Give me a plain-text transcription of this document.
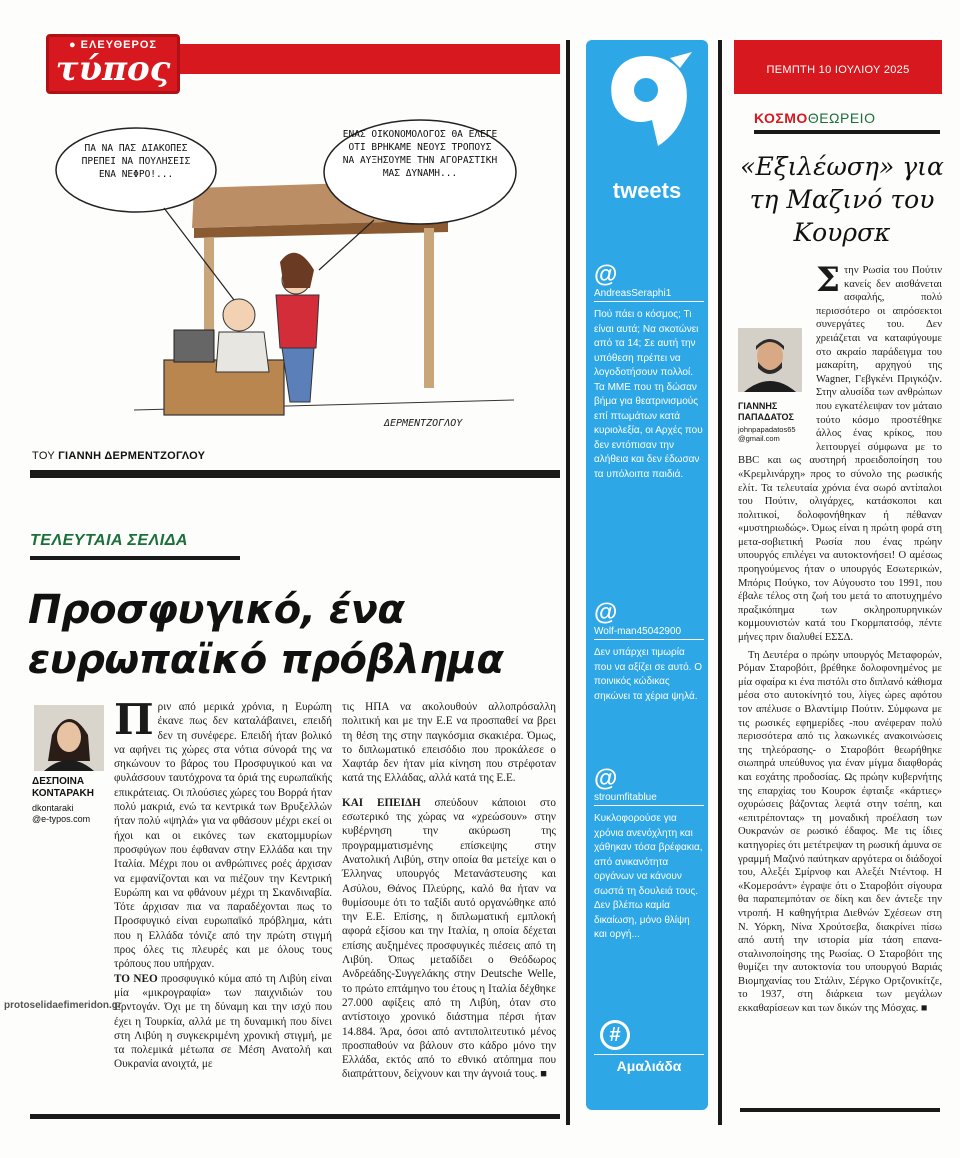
● ΕΛΕΥΘΕΡΟΣ
τύπος	ΠΕΜΠΤΗ 10 ΙΟΥΛΙΟΥ 2025
ΠΑ ΝΑ ΠΑΣ ΔΙΑΚΟΠΕΣ ΠΡΕΠΕΙ ΝΑ ΠΟΥΛΗΣΕΙΣ ΕΝΑ ΝΕΦΡΟ!...
ΕΝΑΣ ΟΙΚΟΝΟΜΟΛΟΓΟΣ ΘΑ ΕΛΕΓΕ ΟΤΙ ΒΡΗΚΑΜΕ ΝΕΟΥΣ ΤΡΟΠΟΥΣ ΝΑ ΑΥΞΗΣΟΥΜΕ ΤΗΝ ΑΓΟΡΑΣΤΙΚΗ ΜΑΣ ΔΥΝΑΜΗ...
ΔΕΡΜΕΝΤΖΟΓΛΟΥ
ΤΟΥ ΓΙΑΝΝΗ ΔΕΡΜΕΝΤΖΟΓΛΟΥ
ΤΕΛΕΥΤΑΙΑ ΣΕΛΙΔΑ
Προσφυγικό, ένα ευρωπαϊκό πρόβλημα
ΔΕΣΠΟΙΝΑ
ΚΟΝΤΑΡΑΚΗ
dkontaraki
@e-typos.com

Πριν από μερικά χρόνια, η Ευρώπη έκανε πως δεν καταλάβαινει, επειδή δεν τη συνέφερε. Επειδή ήταν βολικό να αφήνει τις χώρες στα νότια σύνορά της να σηκώνουν το βάρος του Προσφυγικού και να φυλάσσουν ταυτόχρονα τα όριά της ευρωπαϊκής επικράτειας. Οι πλούσιες χώρες του Βορρά ήταν πολύ μακριά, ενώ τα κεντρικά των Βρυξελλών ήταν πολύ «ψηλά» για να φθάσουν μέχρι εκεί οι ήχοι και οι εικόνες των εκατομμυρίων προσφύγων που έφθαναν στην Ελλάδα και την Ιταλία. Μέχρι που οι ανθρώπινες ροές άρχισαν να εμφανίζονται και να πιέζουν την Κεντρική Ευρώπη και να φθάνουν μέχρι τη Σκανδιναβία. Τότε άρχισαν πια να παραδέχονται πως το Προσφυγικό είναι ευρωπαϊκό πρόβλημα, κάτι που η Ελλάδα τόνιζε από την πρώτη στιγμή προς όλες τις πλευρές και με όλους τους τρόπους που υπήρχαν.

ΤΟ ΝΕΟ προσφυγικό κύμα από τη Λιβύη είναι μία «μικρογραφία» των παιχνιδιών του Ερντογάν. Όχι με τη δύναμη και την ισχύ που έχει η Τουρκία, αλλά με τη δυναμική που δίνει στη Λιβύη η συγκεκριμένη χρονική στιγμή, με τα πολεμικά μέτωπα σε Μέση Ανατολή και Ουκρανία ανοιχτά, με

τις ΗΠΑ να ακολουθούν αλλοπρόσαλλη πολιτική και με την Ε.Ε να προσπαθεί να βρει τη θέση της στην παγκόσμια σκακιέρα. Όμως, το διπλωματικό επεισόδιο που προκάλεσε ο Χαφτάρ δεν ήταν μία κίνηση που στρέφοταν κατά της Ελλάδας, αλλά κατά της Ε.Ε.

ΚΑΙ ΕΠΕΙΔΗ σπεύδουν κάποιοι στο εσωτερικό της χώρας να «χρεώσουν» στην κυβέρνηση την ακύρωση της προγραμματισμένης επίσκεψης στην Ανατολική Λιβύη, στην οποία θα μετείχε και ο Έλληνας υπουργός Μετανάστευσης και Ασύλου, Θάνος Πλεύρης, καλό θα ήταν να θυμίσουμε ότι το ταξίδι αυτό οργανώθηκε από την Ε.Ε. Επίσης, η διπλωματική εμπλοκή αφορά εξίσου και την Ιταλία, η οποία δέχεται επίσης αυξημένες προσφυγικές πιέσεις από τη Λιβύη. Όπως μεταδίδει ο Θεόδωρος Ανδρεάδης-Συγγελάκης στην Deutsche Welle, το πρώτο επτάμηνο του έτους η Ιταλία δέχθηκε 27.000 αφίξεις από τη Λιβύη, όταν στο αντίστοιχο χρονικό διάστημα πέρσι ήταν 14.884. Άρα, όσοι από αντιπολιτευτικό μένος προσπαθούν να βάλουν στο κάδρο μόνο την Ελλάδα, εκτός από το εθνικό ατόπημα που διαπράττουν, δείχνουν και την άγνοιά τους. ■

protoselidaefimeridon.gr
tweets
@
AndreasSeraphi1
Πού πάει ο κόσμος; Τι είναι αυτά; Να σκοτώνει από τα 14; Σε αυτή την υπόθεση πρέπει να λογοδοτήσουν πολλοί. Τα ΜΜΕ που τη δώσαν βήμα για θεατρινισμούς επί πτωμάτων κατά κυριολεξία, οι Αρχές που δεν εντόπισαν την αλήθεια και δεν έδωσαν τα υπόλοιπα παιδιά.
@
Wolf-man45042900
Δεν υπάρχει τιμωρία που να αξίζει σε αυτό. Ο ποινικός κώδικας σηκώνει τα χέρια ψηλά.
@
stroumfitablue
Κυκλοφορούσε για χρόνια ανενόχλητη και χάθηκαν τόσα βρέφακια, από ανικανότητα οργάνων να κάνουν σωστά τη δουλειά τους. Δεν βλέπω καμία δικαίωση, μόνο θλίψη και οργή...
#
Αμαλιάδα
ΚΟΣΜΟΘΕΩΡΕΙΟ
«Εξιλέωση» για τη Μαζινό του Κουρσκ
ΓΙΑΝΝΗΣ
ΠΑΠΑΔΑΤΟΣ
johnpapadatos65
@gmail.com

Στην Ρωσία του Πούτιν κανείς δεν αισθάνεται ασφαλής, πολύ περισσότερο οι απρόσεκτοι συνεργάτες του. Δεν χρειάζεται να καταφύγουμε στο ακραίο παράδειγμα του μακαρίτη, αρχηγού της Wagner, Γεβγκένι Πριγκόζιν. Στην αλυσίδα των ανθρώπων που εγκατέλειψαν τον μάταιο τούτο κόσμο προστέθηκε άλλος ένας κρίκος, που λειτουργεί σύμφωνα με το BBC και ως αυστηρή προειδοποίηση του «Κρεμλινάρχη» προς το σύνολο της ρωσικής ελίτ. Τα τελευταία χρόνια ένα σωρό αντίπαλοι του Πούτιν, ολιγάρχες, κατάσκοποι και πολιτικοί, δολοφονήθηκαν ή πέθαναν «μυστηριωδώς». Όμως είναι η πρώτη φορά στη μετα-σοβιετική Ρωσία που ένας πρώην υπουργός επιλέγει να αυτοκτονήσει! Ο αμέσως προηγούμενος ήταν ο υπουργός Εσωτερικών, Μπόρις Πούγκο, τον Αύγουστο του 1991, που έβαλε τέλος στη ζωή του μετά το αποτυχημένο πραξικόπημα των σκληροπυρηνικών κομμουνιστών κατά του Γκορμπατσόφ, πέντε μήνες πριν διαλυθεί ΕΣΣΔ.

Τη Δευτέρα ο πρώην υπουργός Μεταφορών, Ρόμαν Σταροβόιτ, βρέθηκε δολοφονημένος με μία σφαίρα κι ένα πιστόλι στο διπλανό κάθισμα μέσα στο αυτοκίνητό του, λίγες ώρες αφότου τον απέλυσε ο Βλαντίμιρ Πούτιν. Σύμφωνα με τις ρωσικές εφημερίδες -που ανέφεραν πολύ περισσότερα από τις λακωνικές ανακοινώσεις της τηλεόρασης- ο Σταροβόιτ θεωρήθηκε σιωπηρά υπεύθυνος για έναν μίγμα διαφθοράς και εσχάτης προδοσίας. Ως πρώην κυβερνήτης της επαρχίας του Κουρσκ έφταιξε «κάρτιες» οχυρώσεις βάζοντας λεφτά στην τσέπη, και «επιτρέποντας» τη μοναδική προέλαση των Ουκρανών σε ρωσικό έδαφος. Με τις ίδιες κατηγορίες ότι μετέτρεψαν τη ρωσική άμυνα σε γραμμή Μαζινό παύτηκαν αργότερα οι διάδοχοί του, Αλεξέι Σμίρνοφ και Αλεξέι Ντέντοφ. Η «Κομερσάντ» έγραψε ότι ο Σταροβόιτ σίγουρα θα παραπεμπόταν σε δίκη και δεν άντεξε την ντροπή. Η καθηγήτρια Διεθνών Σχέσεων στη Ν. Υόρκη, Νίνα Χρούτσεβα, διακρίνει πίσω από αυτή την ιστορία μία τάση επανα-σταλινοποίησης της Ρωσίας. Ο Σταροβόιτ της θυμίζει την αυτοκτονία του υπουργού Βαριάς Βιομηχανίας του Στάλιν, Σέργκο Ορτζονικίτζε, το 1937, στη διάρκεια των μεγάλων εκκαθαρίσεων και των δικών της Μόσχας. ■
